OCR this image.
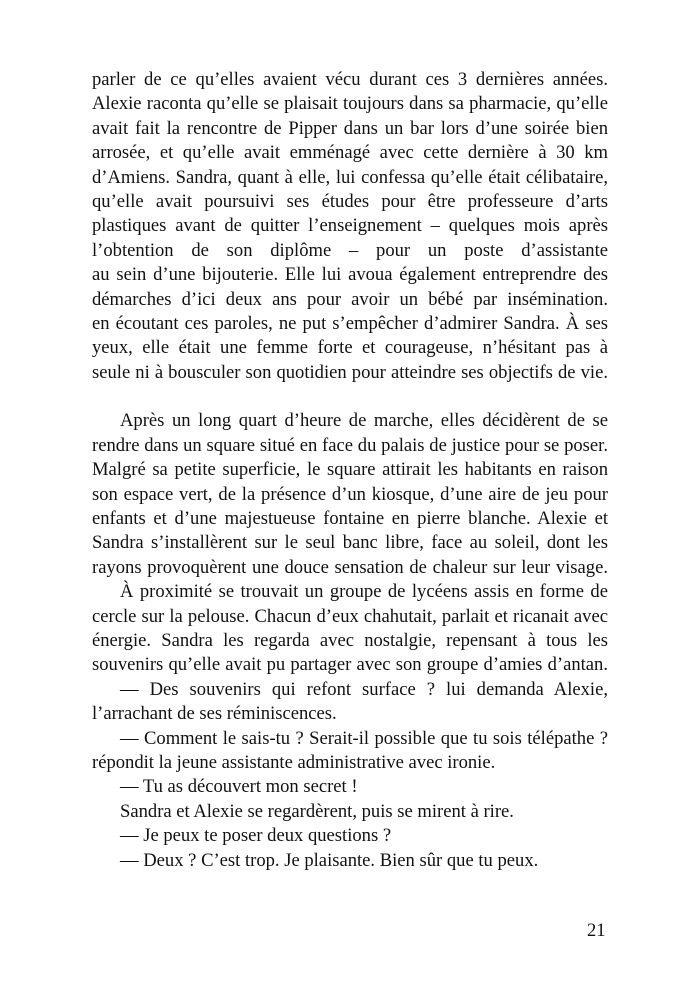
parler de ce qu’elles avaient vécu durant ces 3 dernières années.
Alexie raconta qu’elle se plaisait toujours dans sa pharmacie, qu’elle
avait fait la rencontre de Pipper dans un bar lors d’une soirée bien
arrosée, et qu’elle avait emménagé avec cette dernière à 30 km
d’Amiens. Sandra, quant à elle, lui confessa qu’elle était célibataire,
qu’elle avait poursuivi ses études pour être professeure d’arts
plastiques avant de quitter l’enseignement – quelques mois après
l’obtention de son diplôme – pour un poste d’assistante
au sein d’une bijouterie. Elle lui avoua également entreprendre des
démarches d’ici deux ans pour avoir un bébé par insémination.
en écoutant ces paroles, ne put s’empêcher d’admirer Sandra. À ses
yeux, elle était une femme forte et courageuse, n’hésitant pas à
seule ni à bousculer son quotidien pour atteindre ses objectifs de vie.
Après un long quart d’heure de marche, elles décidèrent de se
rendre dans un square situé en face du palais de justice pour se poser.
Malgré sa petite superficie, le square attirait les habitants en raison
son espace vert, de la présence d’un kiosque, d’une aire de jeu pour
enfants et d’une majestueuse fontaine en pierre blanche. Alexie et
Sandra s’installèrent sur le seul banc libre, face au soleil, dont les
rayons provoquèrent une douce sensation de chaleur sur leur visage.
À proximité se trouvait un groupe de lycéens assis en forme de
cercle sur la pelouse. Chacun d’eux chahutait, parlait et ricanait avec
énergie. Sandra les regarda avec nostalgie, repensant à tous les
souvenirs qu’elle avait pu partager avec son groupe d’amies d’antan.
— Des souvenirs qui refont surface ? lui demanda Alexie,
l’arrachant de ses réminiscences.
— Comment le sais-tu ? Serait-il possible que tu sois télépathe ?
répondit la jeune assistante administrative avec ironie.
— Tu as découvert mon secret !
Sandra et Alexie se regardèrent, puis se mirent à rire.
— Je peux te poser deux questions ?
— Deux ? C’est trop. Je plaisante. Bien sûr que tu peux.
21
